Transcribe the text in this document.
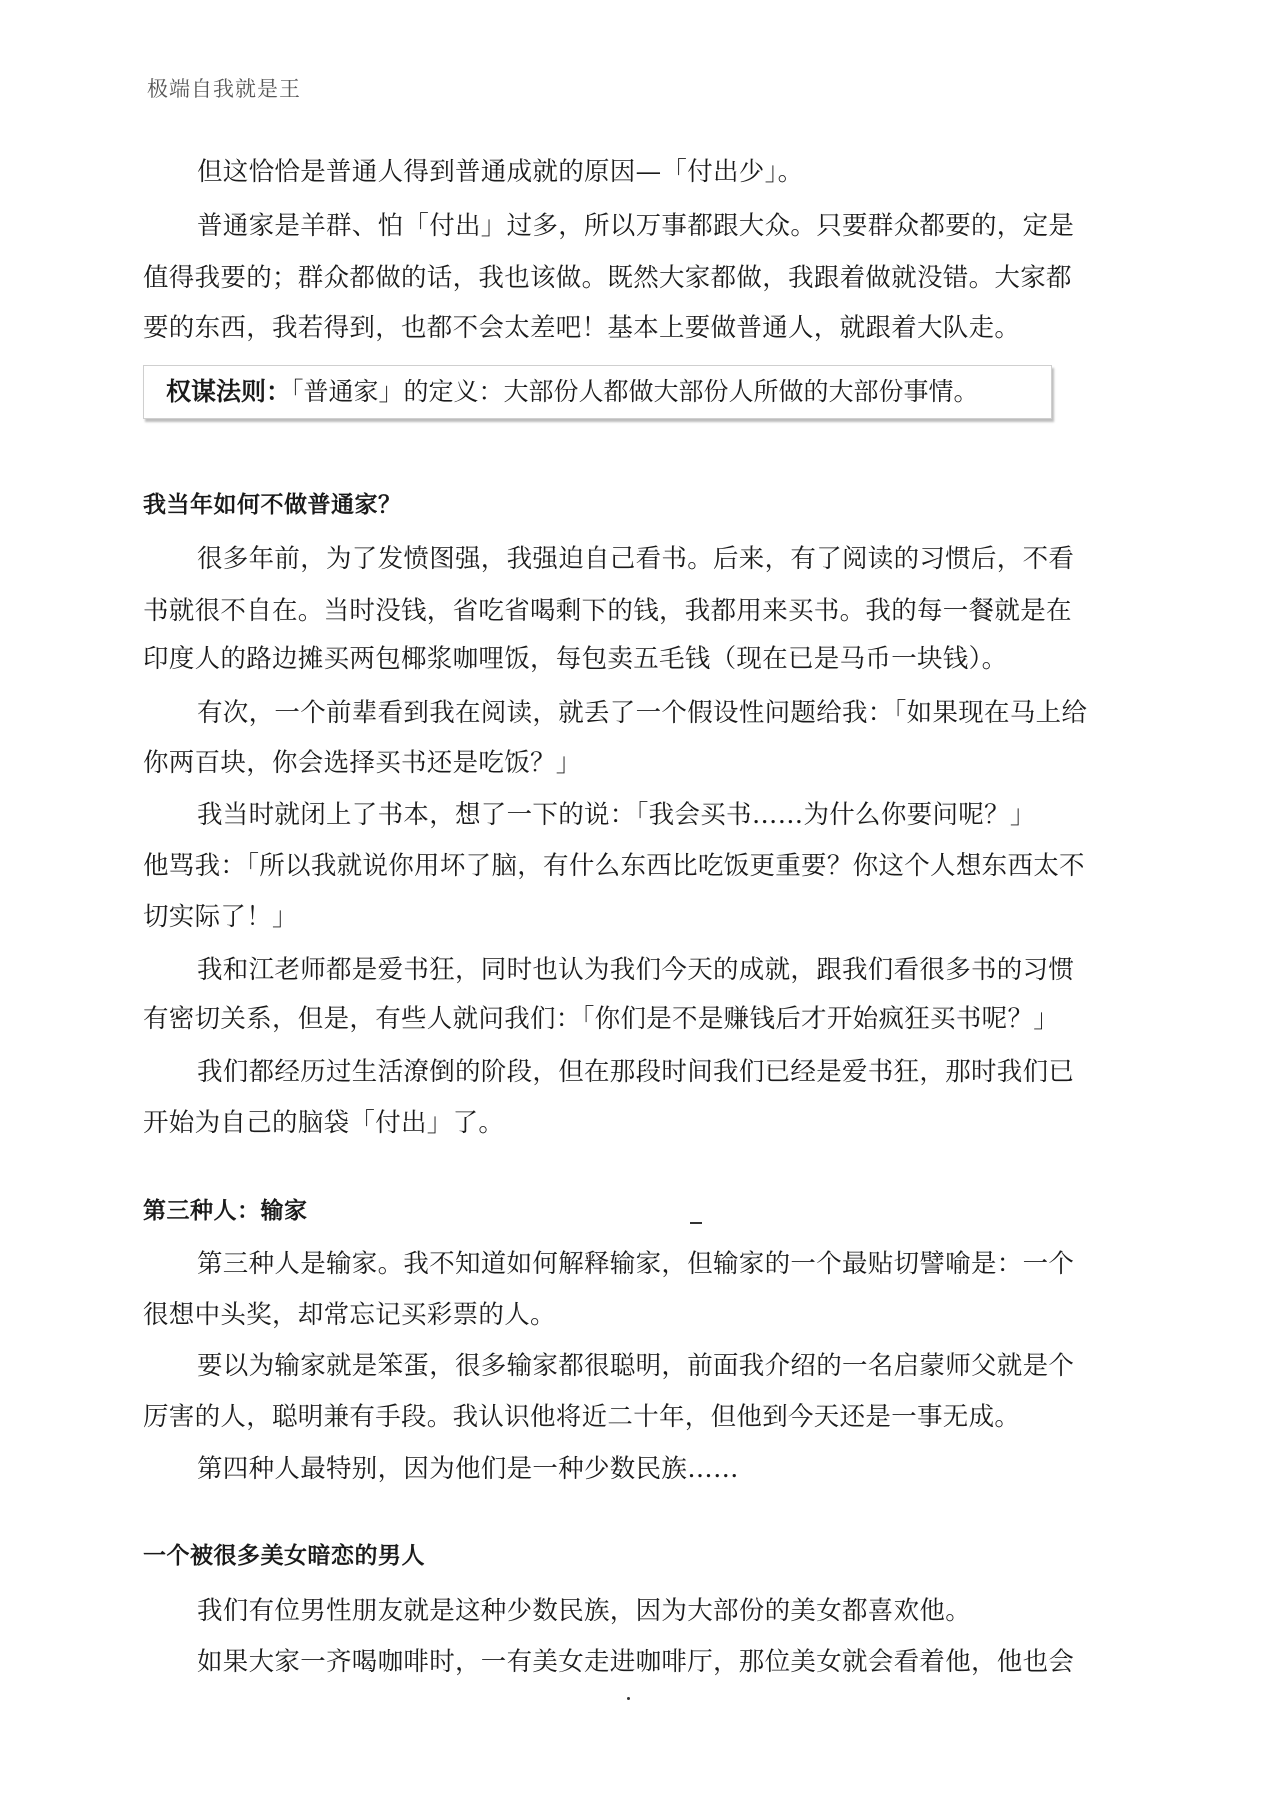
极端自我就是王
但这恰恰是普通人得到普通成就的原因—「付出少」。
普通家是羊群、怕「付出」过多，所以万事都跟大众。只要群众都要的，定是
值得我要的；群众都做的话，我也该做。既然大家都做，我跟着做就没错。大家都
要的东西，我若得到，也都不会太差吧！基本上要做普通人，就跟着大队走。
权谋法则：「普通家」的定义：大部份人都做大部份人所做的大部份事情。
我当年如何不做普通家？
很多年前，为了发愤图强，我强迫自己看书。后来，有了阅读的习惯后，不看
书就很不自在。当时没钱，省吃省喝剩下的钱，我都用来买书。我的每一餐就是在
印度人的路边摊买两包椰浆咖哩饭，每包卖五毛钱（现在已是马币一块钱）。
有次，一个前辈看到我在阅读，就丢了一个假设性问题给我：「如果现在马上给
你两百块，你会选择买书还是吃饭？」
我当时就闭上了书本，想了一下的说：「我会买书……为什么你要问呢？」
他骂我：「所以我就说你用坏了脑，有什么东西比吃饭更重要？你这个人想东西太不
切实际了！」
我和江老师都是爱书狂，同时也认为我们今天的成就，跟我们看很多书的习惯
有密切关系，但是，有些人就问我们：「你们是不是赚钱后才开始疯狂买书呢？」
我们都经历过生活潦倒的阶段，但在那段时间我们已经是爱书狂，那时我们已
开始为自己的脑袋「付出」了。
第三种人：输家
第三种人是输家。我不知道如何解释输家，但输家的一个最贴切譬喻是：一个
很想中头奖，却常忘记买彩票的人。
要以为输家就是笨蛋，很多输家都很聪明，前面我介绍的一名启蒙师父就是个
厉害的人，聪明兼有手段。我认识他将近二十年，但他到今天还是一事无成。
第四种人最特别，因为他们是一种少数民族……
一个被很多美女暗恋的男人
我们有位男性朋友就是这种少数民族，因为大部份的美女都喜欢他。
如果大家一齐喝咖啡时，一有美女走进咖啡厅，那位美女就会看着他，他也会
